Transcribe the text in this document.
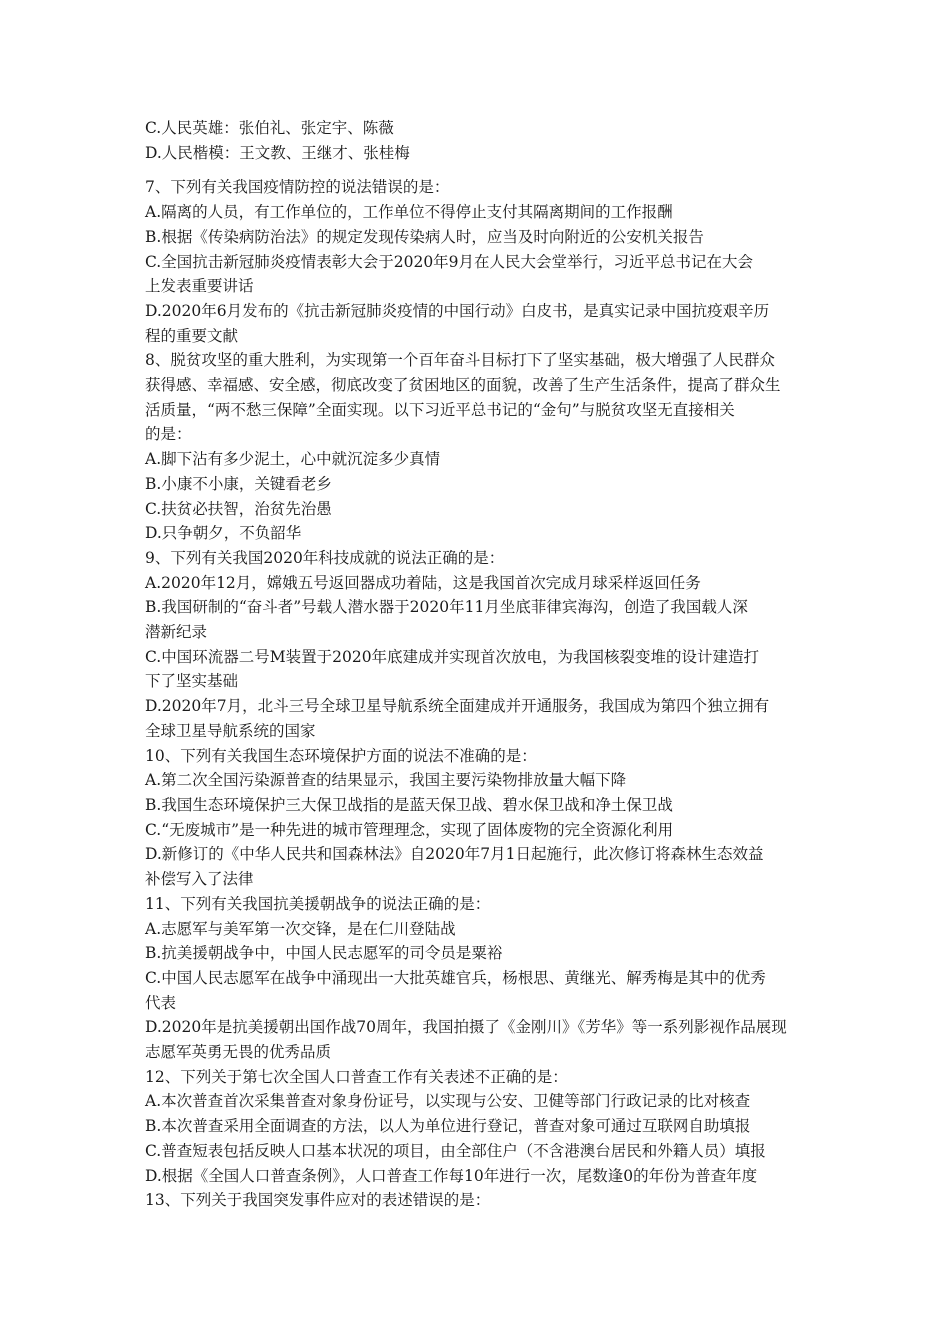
C.人民英雄：张伯礼、张定宇、陈薇
D.人民楷模：王文教、王继才、张桂梅
7、下列有关我国疫情防控的说法错误的是：
A.隔离的人员，有工作单位的，工作单位不得停止支付其隔离期间的工作报酬
B.根据《传染病防治法》的规定发现传染病人时，应当及时向附近的公安机关报告
C.全国抗击新冠肺炎疫情表彰大会于2020年9月在人民大会堂举行，习近平总书记在大会
上发表重要讲话
D.2020年6月发布的《抗击新冠肺炎疫情的中国行动》白皮书，是真实记录中国抗疫艰辛历
程的重要文献
8、脱贫攻坚的重大胜利，为实现第一个百年奋斗目标打下了坚实基础，极大增强了人民群众
获得感、幸福感、安全感，彻底改变了贫困地区的面貌，改善了生产生活条件，提高了群众生
活质量，“两不愁三保障”全面实现。以下习近平总书记的“金句”与脱贫攻坚无直接相关
的是：
A.脚下沾有多少泥土，心中就沉淀多少真情
B.小康不小康，关键看老乡
C.扶贫必扶智，治贫先治愚
D.只争朝夕，不负韶华
9、下列有关我国2020年科技成就的说法正确的是：
A.2020年12月，嫦娥五号返回器成功着陆，这是我国首次完成月球采样返回任务
B.我国研制的“奋斗者”号载人潜水器于2020年11月坐底菲律宾海沟，创造了我国载人深
潜新纪录
C.中国环流器二号M装置于2020年底建成并实现首次放电，为我国核裂变堆的设计建造打
下了坚实基础
D.2020年7月，北斗三号全球卫星导航系统全面建成并开通服务，我国成为第四个独立拥有
全球卫星导航系统的国家
10、下列有关我国生态环境保护方面的说法不准确的是：
A.第二次全国污染源普查的结果显示，我国主要污染物排放量大幅下降
B.我国生态环境保护三大保卫战指的是蓝天保卫战、碧水保卫战和净土保卫战
C.“无废城市”是一种先进的城市管理理念，实现了固体废物的完全资源化利用
D.新修订的《中华人民共和国森林法》自2020年7月1日起施行，此次修订将森林生态效益
补偿写入了法律
11、下列有关我国抗美援朝战争的说法正确的是：
A.志愿军与美军第一次交锋，是在仁川登陆战
B.抗美援朝战争中，中国人民志愿军的司令员是粟裕
C.中国人民志愿军在战争中涌现出一大批英雄官兵，杨根思、黄继光、解秀梅是其中的优秀
代表
D.2020年是抗美援朝出国作战70周年，我国拍摄了《金刚川》《芳华》等一系列影视作品展现
志愿军英勇无畏的优秀品质
12、下列关于第七次全国人口普查工作有关表述不正确的是：
A.本次普查首次采集普查对象身份证号，以实现与公安、卫健等部门行政记录的比对核查
B.本次普查采用全面调查的方法，以人为单位进行登记，普查对象可通过互联网自助填报
C.普查短表包括反映人口基本状况的项目，由全部住户（不含港澳台居民和外籍人员）填报
D.根据《全国人口普查条例》，人口普查工作每10年进行一次，尾数逢0的年份为普查年度
13、下列关于我国突发事件应对的表述错误的是：
